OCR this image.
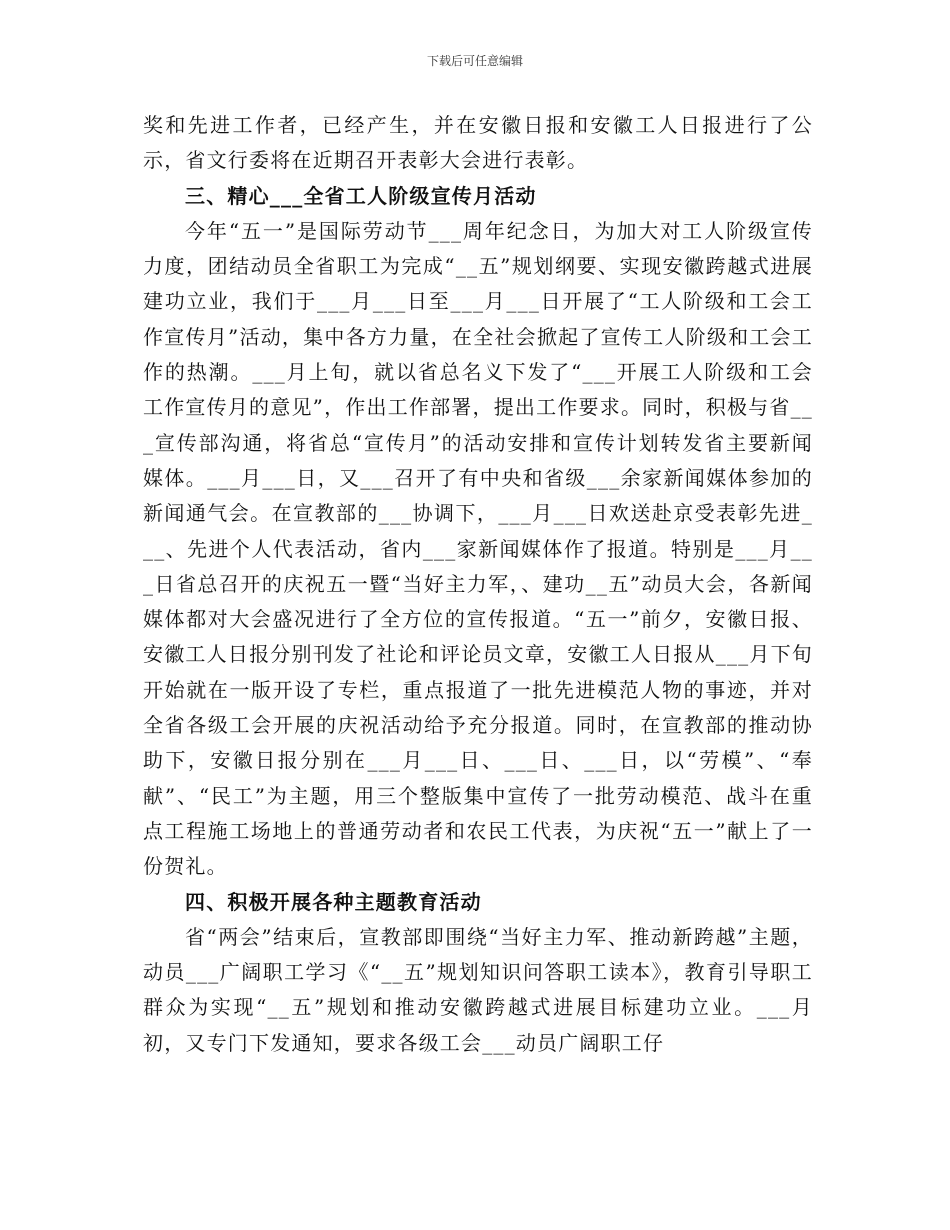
下载后可任意编辑

奖和先进工作者，已经产生，并在安徽日报和安徽工人日报进行了公示，省文行委将在近期召开表彰大会进行表彰。

三、精心___全省工人阶级宣传月活动

今年“五一”是国际劳动节___周年纪念日，为加大对工人阶级宣传力度，团结动员全省职工为完成“__五”规划纲要、实现安徽跨越式进展建功立业，我们于___月___日至___月___日开展了“工人阶级和工会工作宣传月”活动，集中各方力量，在全社会掀起了宣传工人阶级和工会工作的热潮。___月上旬，就以省总名义下发了“___开展工人阶级和工会工作宣传月的意见”，作出工作部署，提出工作要求。同时，积极与省___宣传部沟通，将省总“宣传月”的活动安排和宣传计划转发省主要新闻媒体。___月___日，又___召开了有中央和省级___余家新闻媒体参加的新闻通气会。在宣教部的___协调下，___月___日欢送赴京受表彰先进___、先进个人代表活动，省内___家新闻媒体作了报道。特别是___月___日省总召开的庆祝五一暨“当好主力军，、建功__五”动员大会，各新闻媒体都对大会盛况进行了全方位的宣传报道。“五一”前夕，安徽日报、安徽工人日报分别刊发了社论和评论员文章，安徽工人日报从___月下旬开始就在一版开设了专栏，重点报道了一批先进模范人物的事迹，并对全省各级工会开展的庆祝活动给予充分报道。同时，在宣教部的推动协助下，安徽日报分别在___月___日、___日、___日，以“劳模”、“奉献”、“民工”为主题，用三个整版集中宣传了一批劳动模范、战斗在重点工程施工场地上的普通劳动者和农民工代表，为庆祝“五一”献上了一份贺礼。

四、积极开展各种主题教育活动

省“两会”结束后，宣教部即围绕“当好主力军、推动新跨越”主题，动员___广阔职工学习《“__五”规划知识问答职工读本》，教育引导职工群众为实现“__五”规划和推动安徽跨越式进展目标建功立业。___月初，又专门下发通知，要求各级工会___动员广阔职工仔
